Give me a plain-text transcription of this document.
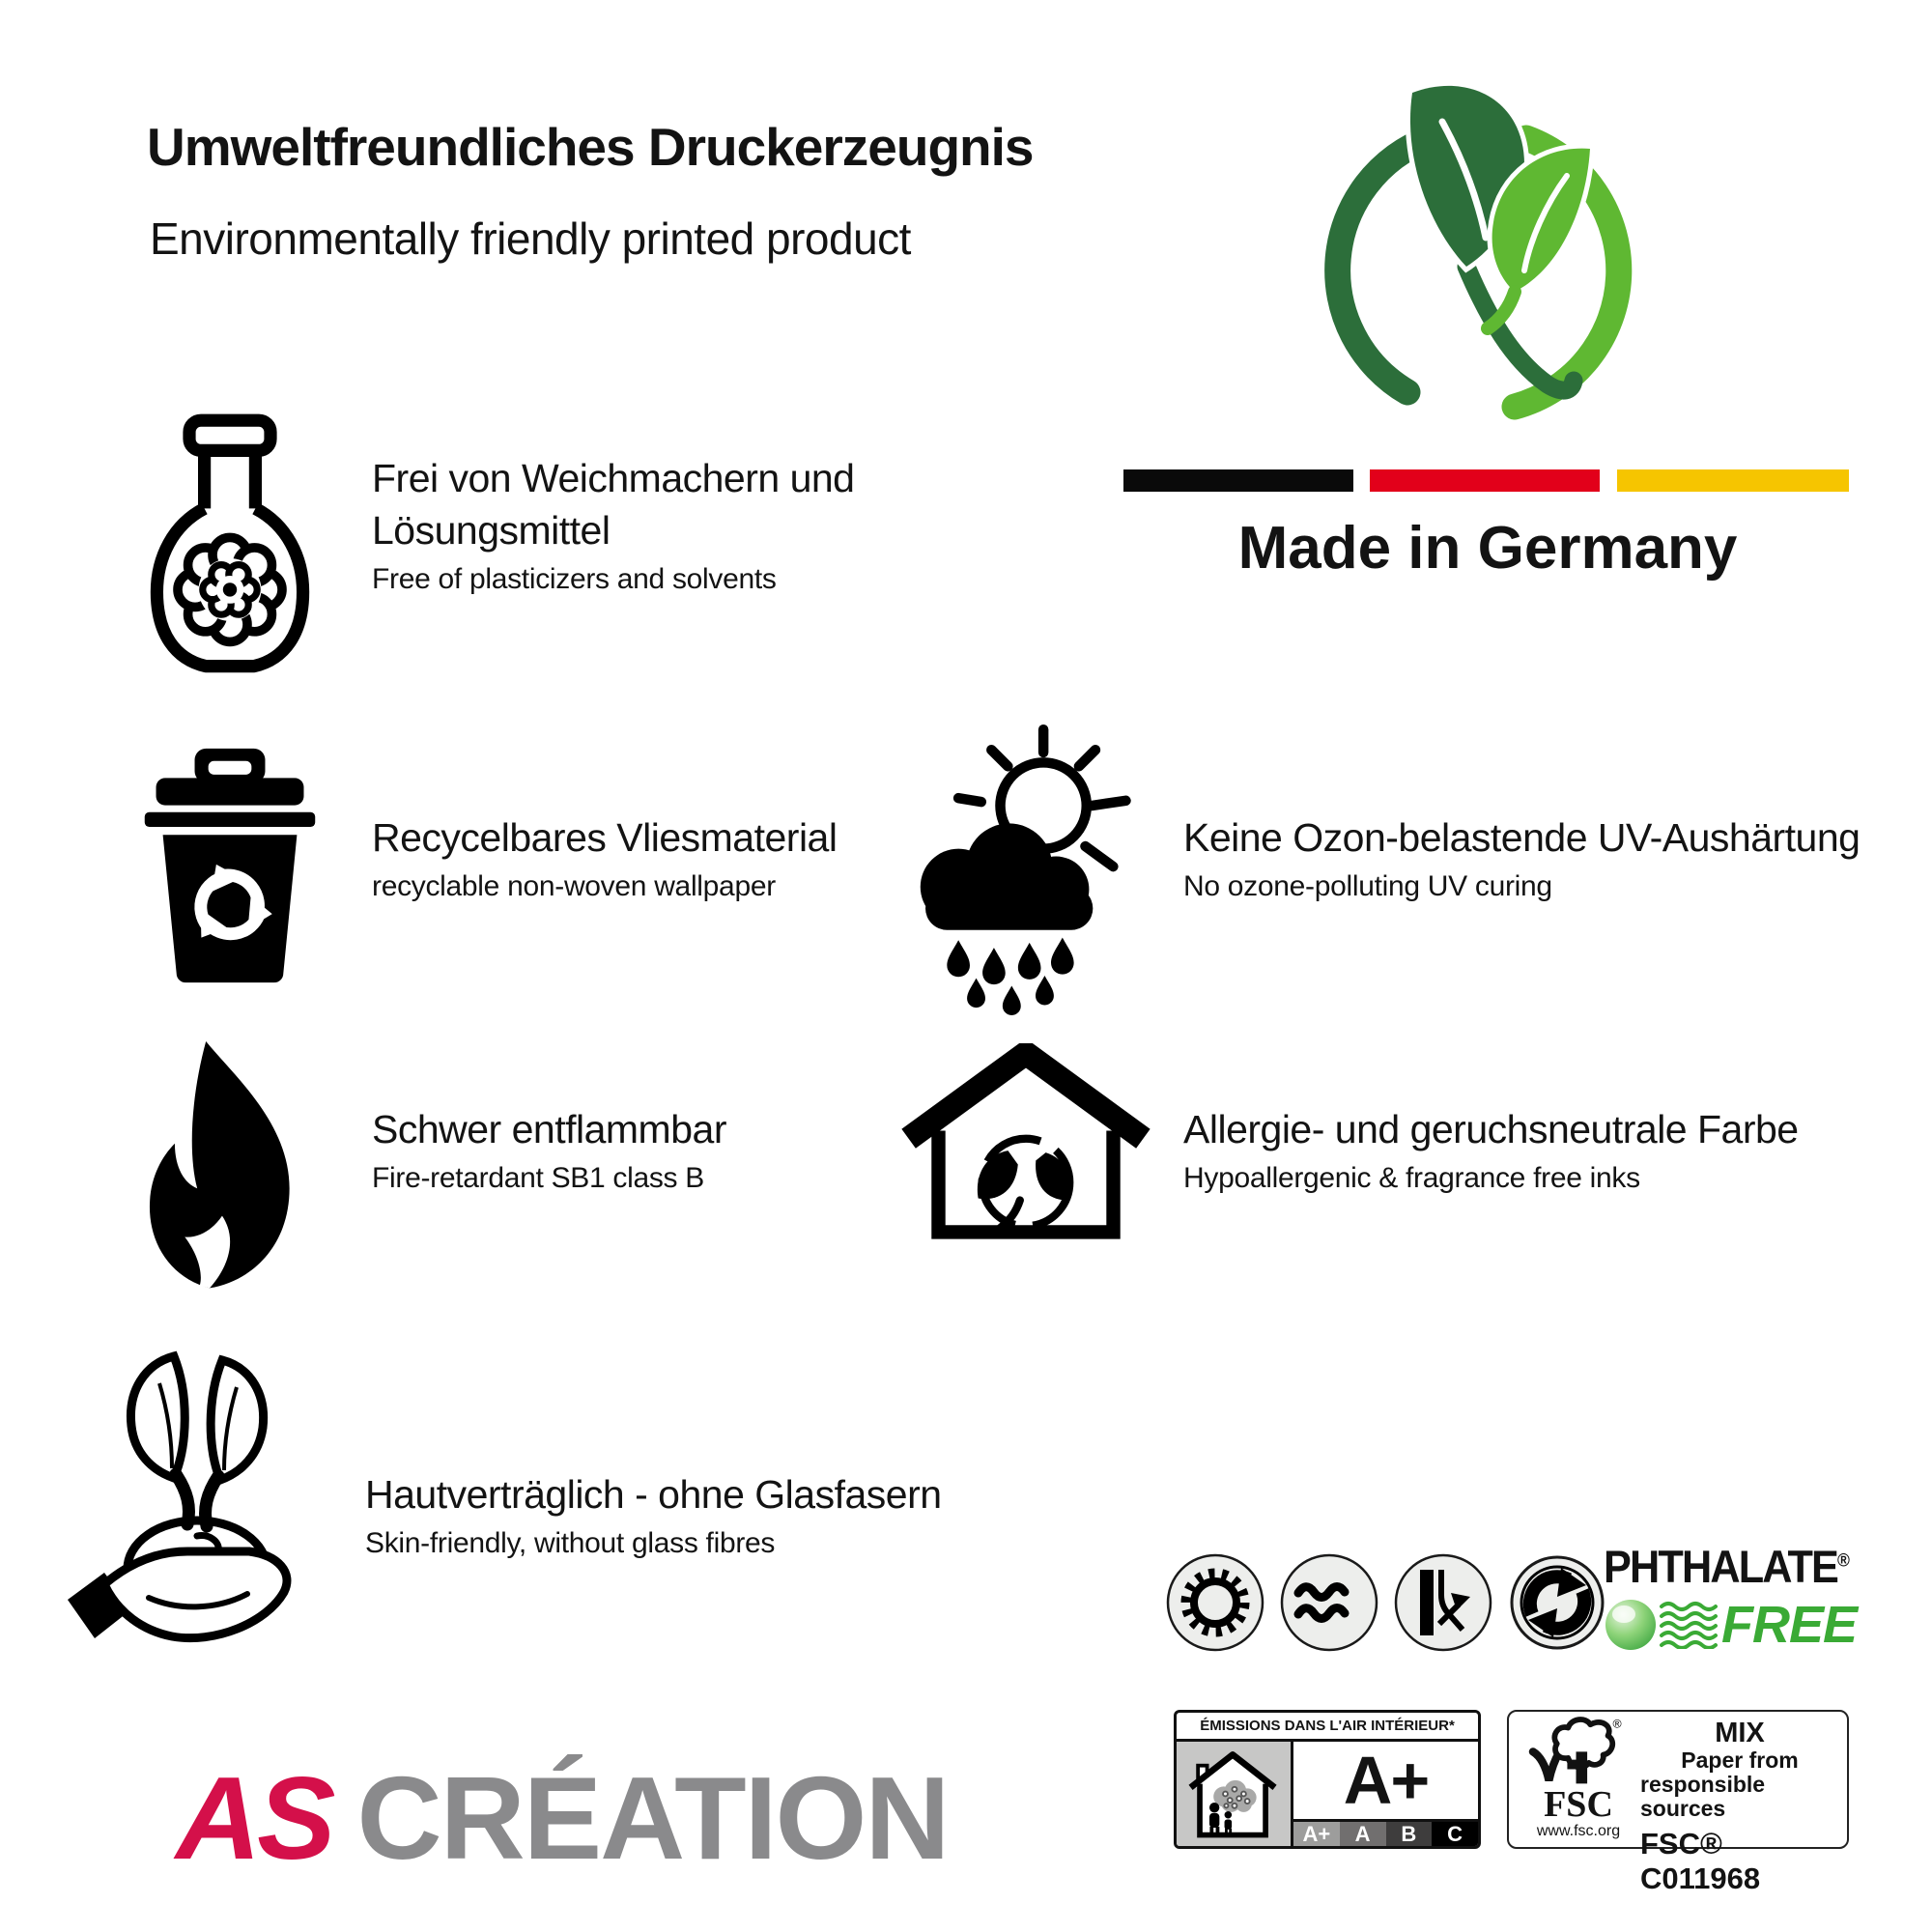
Umweltfreundliches Druckerzeugnis
Environmentally friendly printed product
Made in Germany
Frei von Weichmachern und Lösungsmittel
Free of plasticizers and solvents
Recycelbares Vliesmaterial
recyclable non-woven wallpaper
Keine Ozon-belastende UV-Aushärtung
No ozone-polluting UV curing
Schwer entflammbar
Fire-retardant SB1 class B
Allergie- und geruchsneutrale Farbe
Hypoallergenic & fragrance free inks
Hautverträglich - ohne Glasfasern
Skin-friendly, without glass fibres
AS CRÉATION
PHTHALATE®
FREE
ÉMISSIONS DANS L'AIR INTÉRIEUR*
A+
A+	A	B	C
®
FSC
www.fsc.org
MIX
Paper from
responsible sources
FSC® C011968
